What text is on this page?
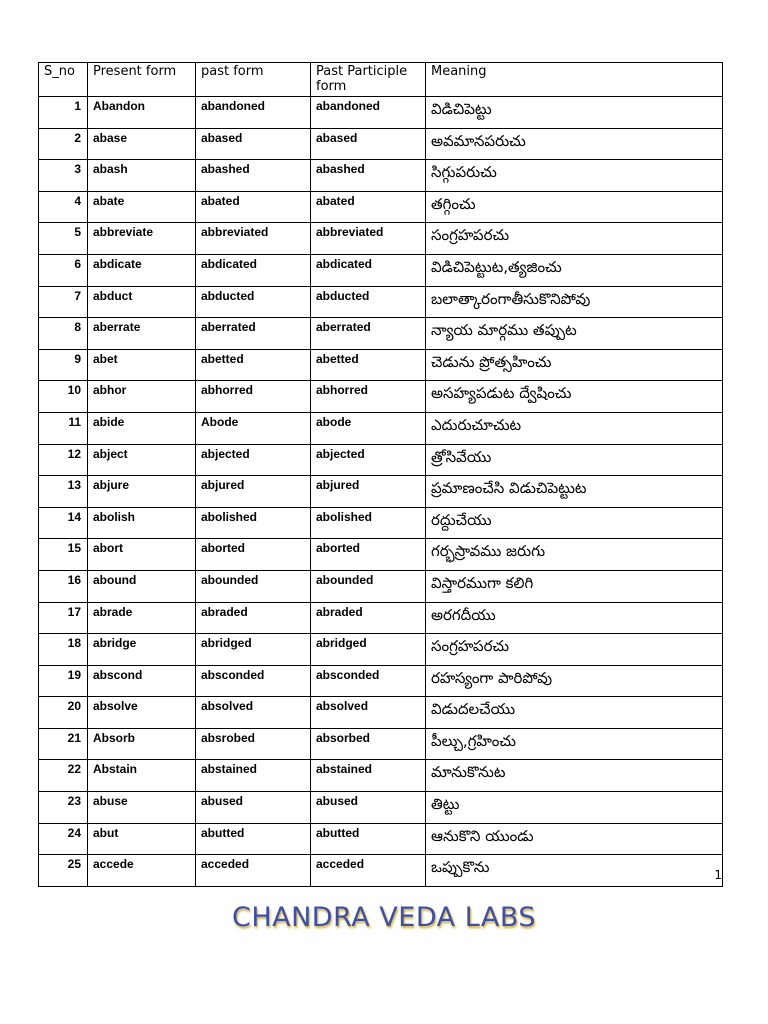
S_no	Present form	past form	Past Participle form	Meaning
1	Abandon	abandoned	abandoned	విడిచిపెట్టు
2	abase	abased	abased	అవమానపరుచు
3	abash	abashed	abashed	సిగ్గుపరుచు
4	abate	abated	abated	తగ్గించు
5	abbreviate	abbreviated	abbreviated	సంగ్రహపరచు
6	abdicate	abdicated	abdicated	విడిచిపెట్టుట,త్యజించు
7	abduct	abducted	abducted	బలాత్కారంగాతీసుకొనిపోవు
8	aberrate	aberrated	aberrated	న్యాయ మార్గము తప్పుట
9	abet	abetted	abetted	చెడును ప్రోత్సహించు
10	abhor	abhorred	abhorred	అసహ్యపడుట ద్వేషించు
11	abide	Abode	abode	ఎదురుచూచుట
12	abject	abjected	abjected	త్రోసివేయు
13	abjure	abjured	abjured	ప్రమాణంచేసి విడుచిపెట్టుట
14	abolish	abolished	abolished	రద్దుచేయు
15	abort	aborted	aborted	గర్భస్రావము జరుగు
16	abound	abounded	abounded	విస్తారముగా కలిగి
17	abrade	abraded	abraded	అరగదీయు
18	abridge	abridged	abridged	సంగ్రహపరచు
19	abscond	absconded	absconded	రహస్యంగా పారిపోవు
20	absolve	absolved	absolved	విడుదలచేయు
21	Absorb	absrobed	absorbed	పీల్చు,గ్రహించు
22	Abstain	abstained	abstained	మానుకొనుట
23	abuse	abused	abused	తిట్టు
24	abut	abutted	abutted	ఆనుకొని యుండు
25	accede	acceded	acceded	ఒప్పుకొను	1
CHANDRA VEDA LABS
